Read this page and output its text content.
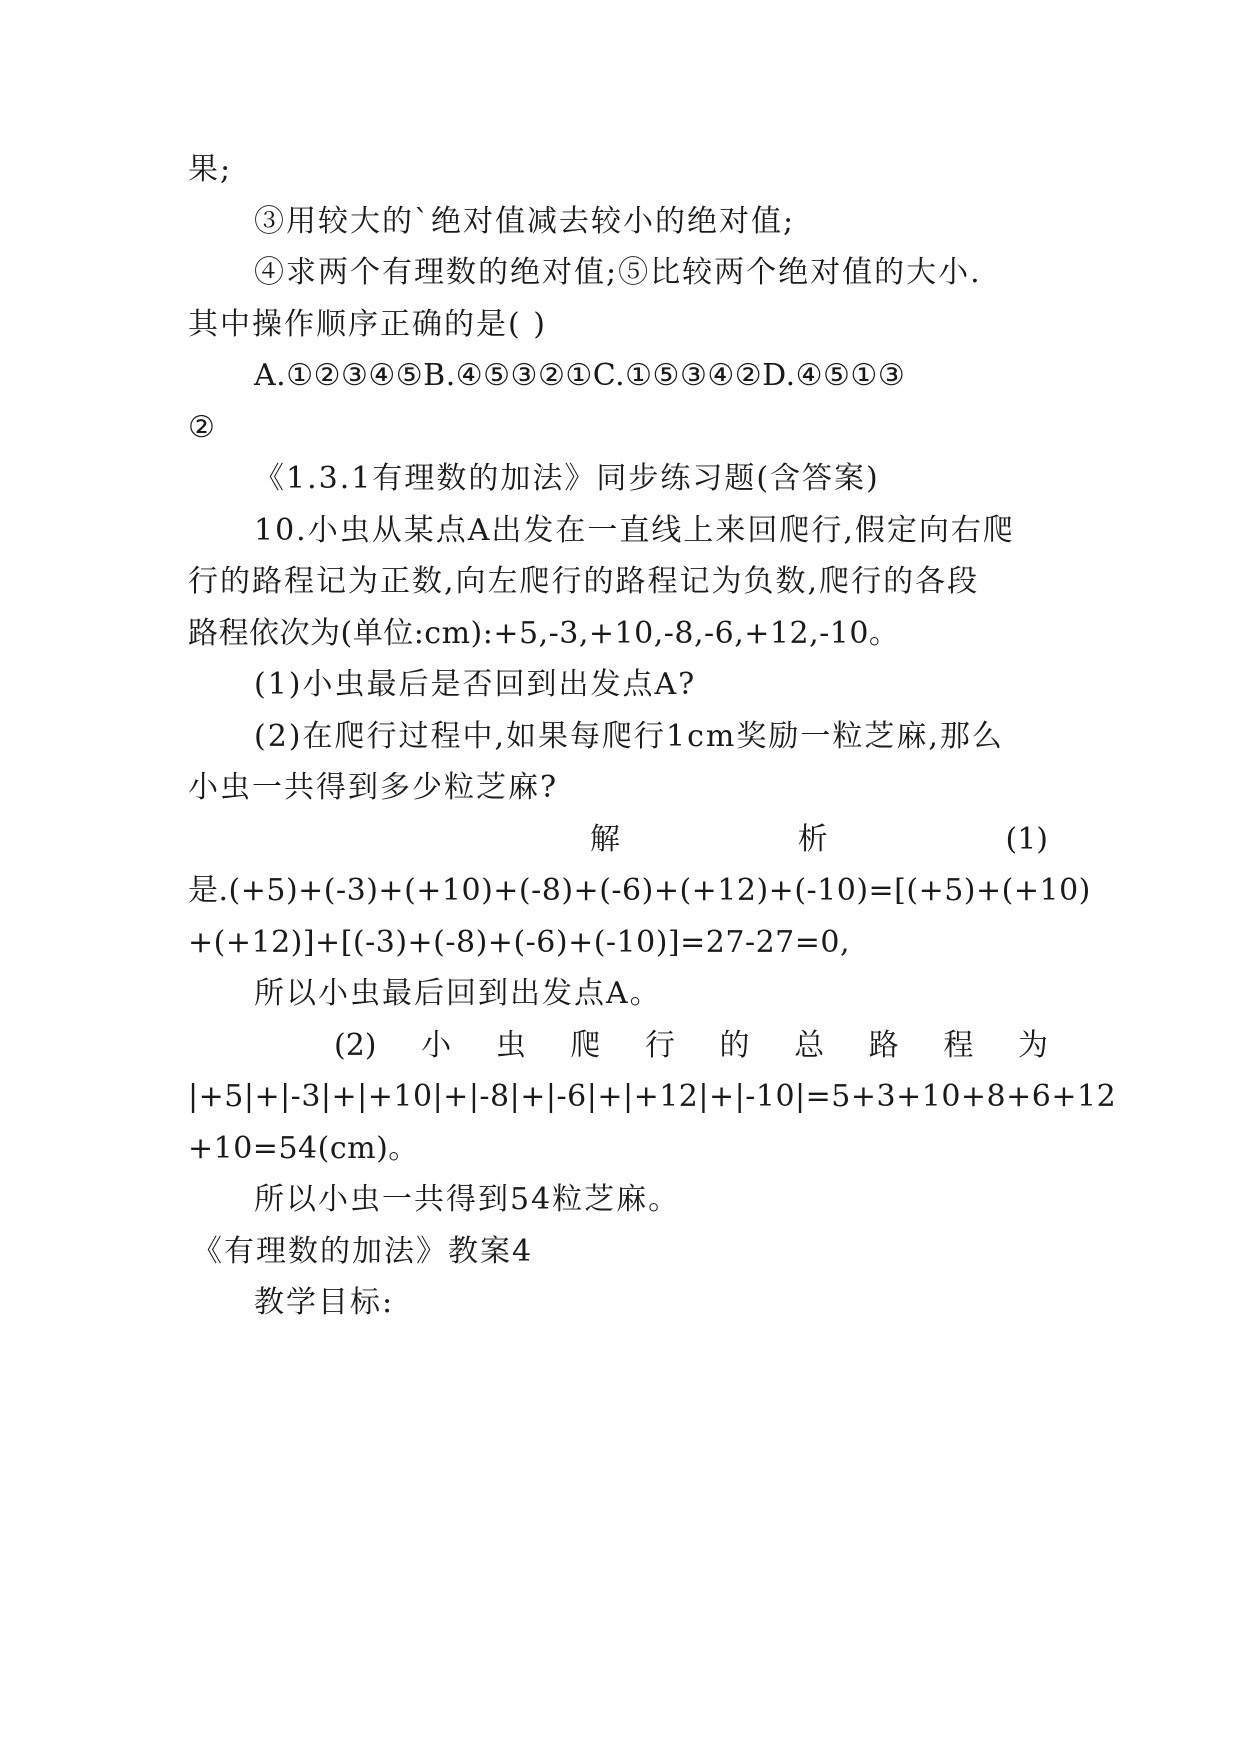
果;
③用较大的`绝对值减去较小的绝对值;
④求两个有理数的绝对值;⑤比较两个绝对值的大小.
其中操作顺序正确的是( )
A.①②③④⑤B.④⑤③②①C.①⑤③④②D.④⑤①③
②
《1.3.1有理数的加法》同步练习题(含答案)
10.小虫从某点A出发在一直线上来回爬行,假定向右爬
行的路程记为正数,向左爬行的路程记为负数,爬行的各段
路程依次为(单位:cm):+5,-3,+10,-8,-6,+12,-10。
(1)小虫最后是否回到出发点A?
(2)在爬行过程中,如果每爬行1cm奖励一粒芝麻,那么
小虫一共得到多少粒芝麻?
解	析	(1)
是.(+5)+(-3)+(+10)+(-8)+(-6)+(+12)+(-10)=[(+5)+(+10)
+(+12)]+[(-3)+(-8)+(-6)+(-10)]=27-27=0,
所以小虫最后回到出发点A。
(2) 小 虫 爬 行 的 总 路 程 为
|+5|+|-3|+|+10|+|-8|+|-6|+|+12|+|-10|=5+3+10+8+6+12
+10=54(cm)。
所以小虫一共得到54粒芝麻。
《有理数的加法》教案4
教学目标:
